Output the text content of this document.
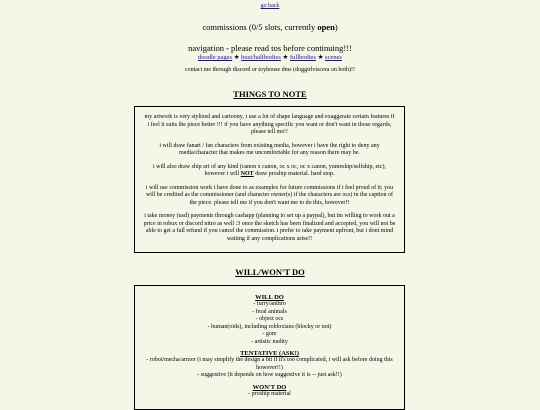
go back
commissions (0/5 slots, currently open)
navigation - please read tos before continuing!!!
doodle pages ★ bust/halfbodies ★ fullbodies ★ scenes
contact me through discord or toyhouse dms (doggirlviscera on both)!!
THINGS TO NOTE

my artwork is very stylized and cartoony, i use a lot of shape language and exaggerate certain features if i feel it suits the piece better !!! if you have anything specific you want or don't want in those regards, please tell me!!

i will draw fanart / fan characters from existing media, however i have the right to deny any media/character that makes me uncomfortable for any reason there may be.

i will also draw ship art of any kind (canon x canon, oc x oc, oc x canon, yumeship/selfship, etc), however i will NOT draw proship material. hard stop.

i will use commission work i have done to as examples for future commissions if i feel proud of it; you will be credited as the commissioner (and character owner(s) if the characters are ocs) in the caption of the piece. please tell me if you don't want me to do this, however!!

i take money (usd) payments through cashapp (planning to set up a paypal), but im willing to work out a price in robux or discord nitro as well :3 once the sketch has been finalized and accepted, you will not be able to get a full refund if you cancel the commission. i prefer to take payment upfront, but i dont mind waiting if any complications arise!!

WILL/WON'T DO
WILL DO
- furry/anthro
- feral animals
- object ocs
- human(oids), including robloxians (blocky or not)
- gore
- artistic nudity
TENTATIVE (ASK!)
- robot/mecha/armor (i may simplify the design a bit if it's too complicated, i will ask before doing this however!!)
- suggestive (it depends on how suggestive it is -- just ask!!)
WON'T DO
- proship material
